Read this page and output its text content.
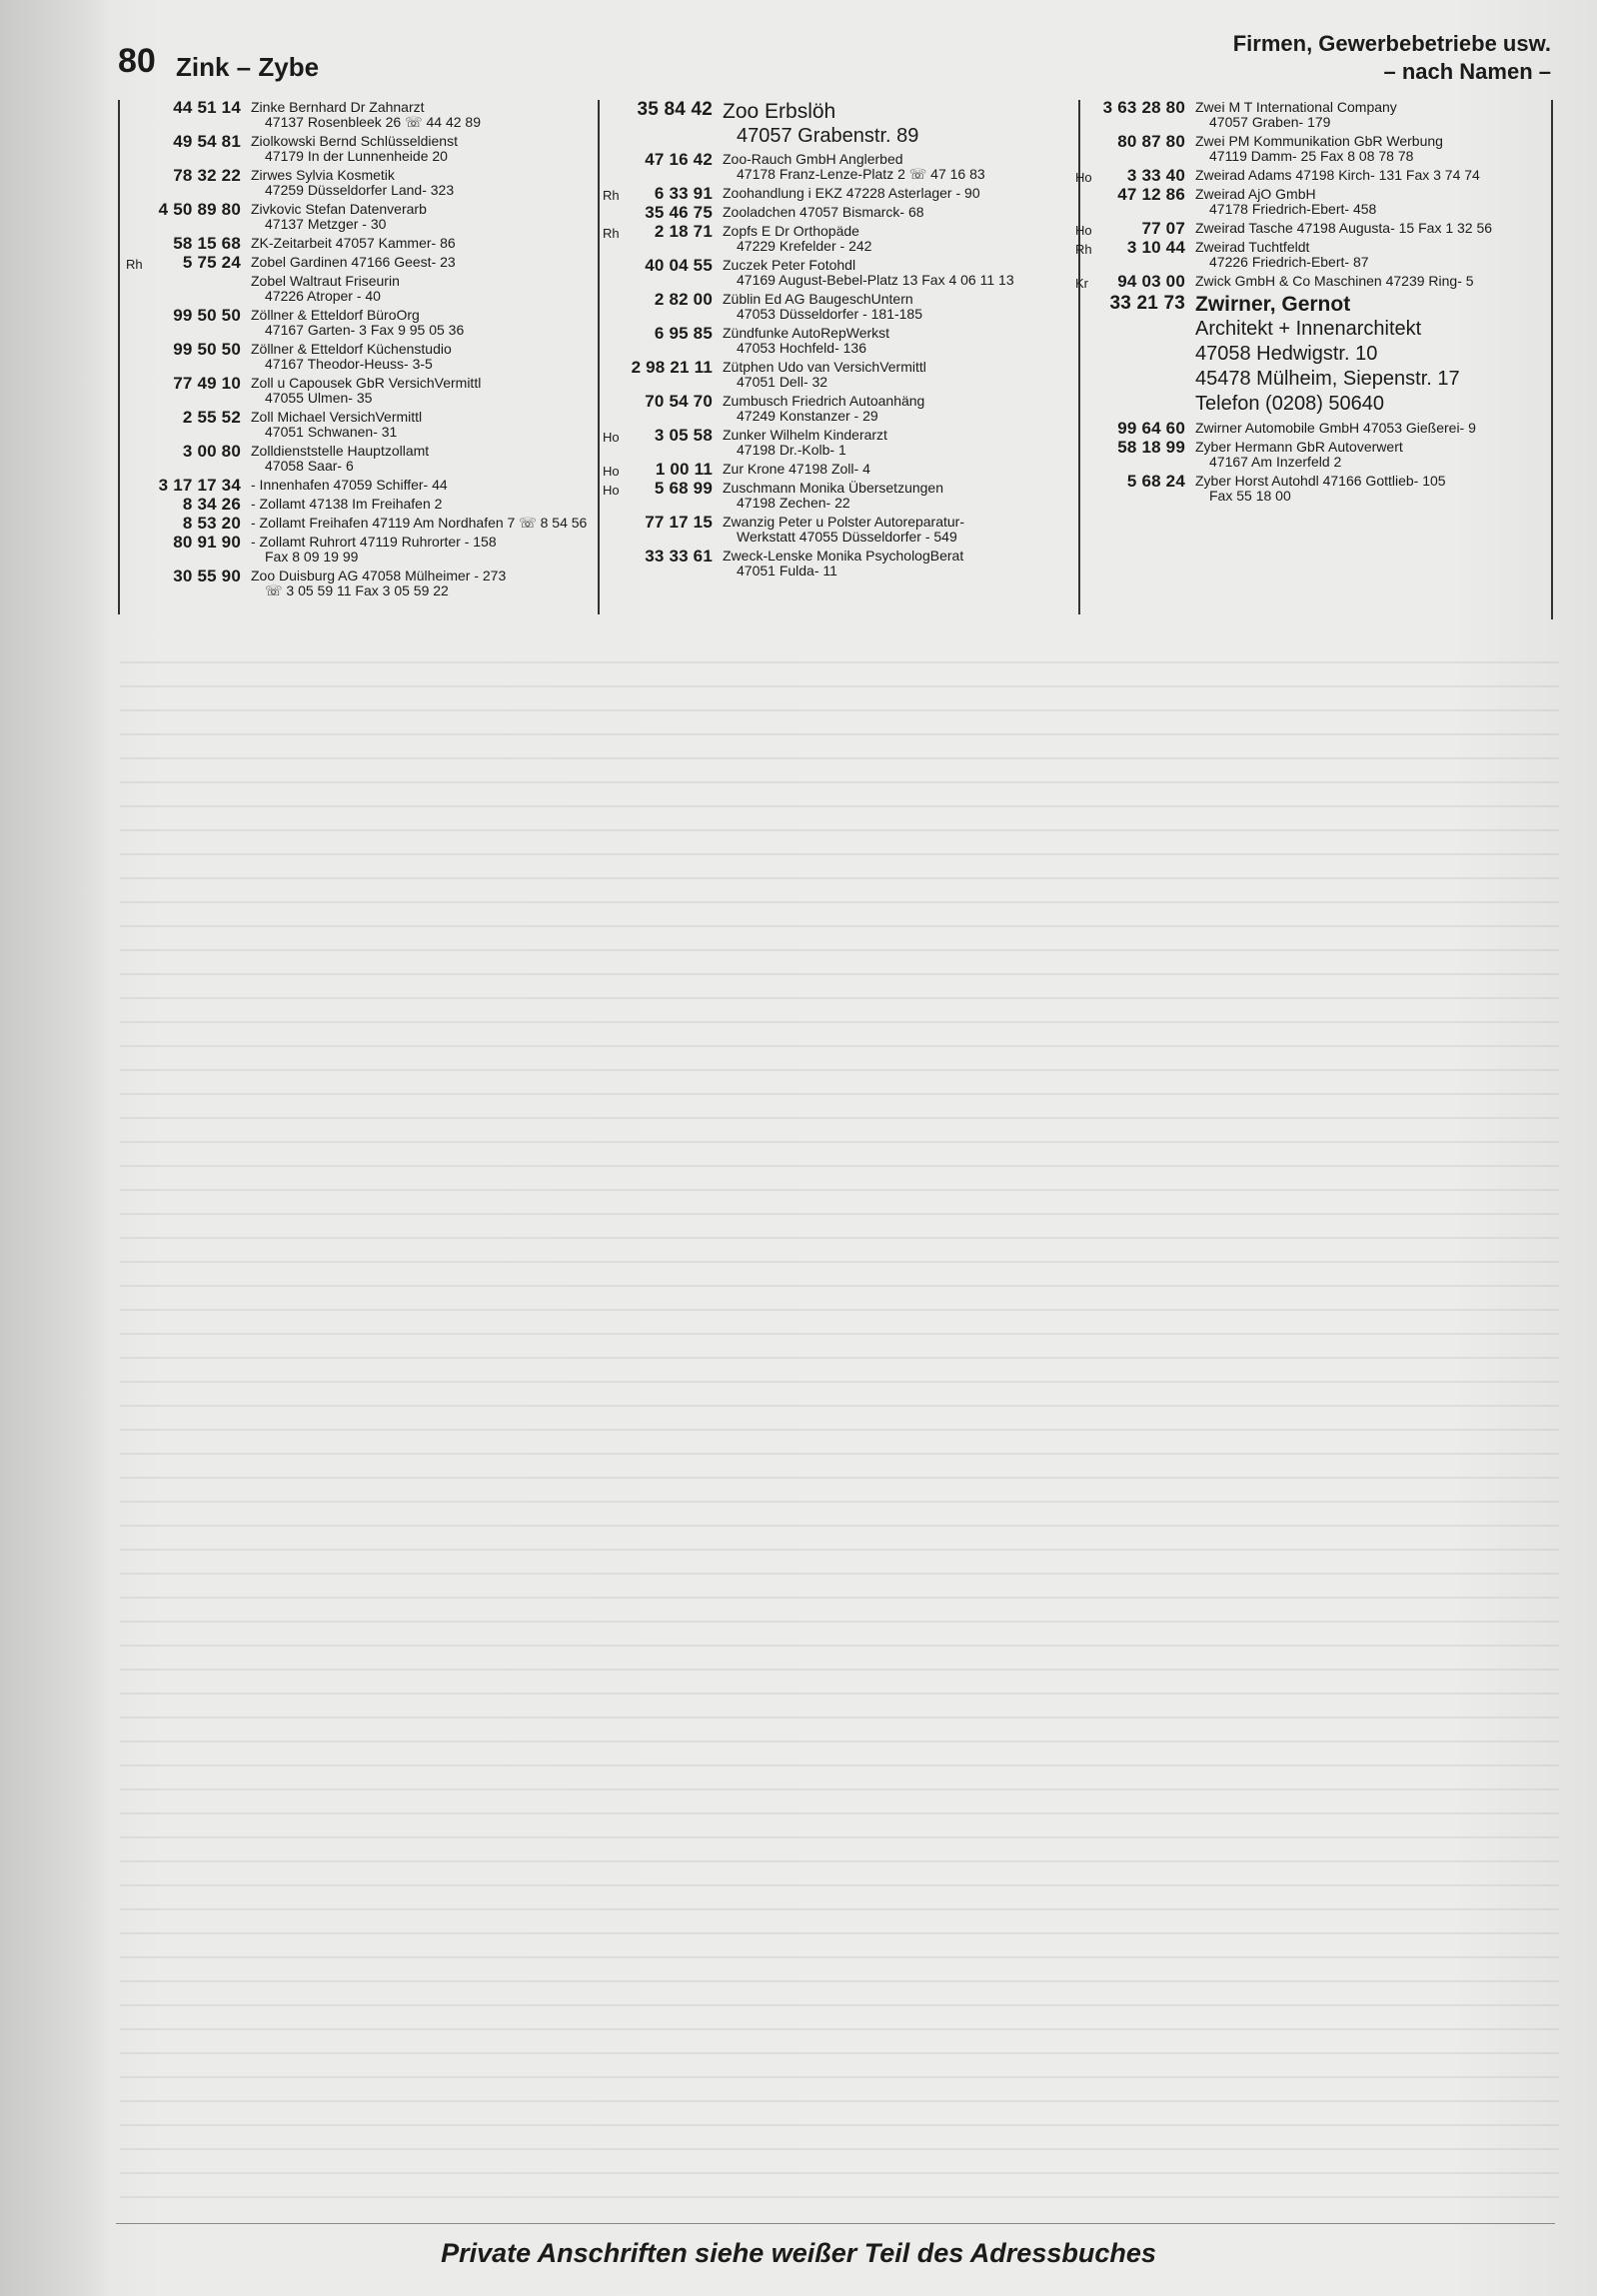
80 Zink – Zybe
Firmen, Gewerbebetriebe usw.
– nach Namen –
44 51 14 Zinke Bernhard Dr Zahnarzt
47137 Rosenbleek 26 ☏ 44 42 89
49 54 81 Ziolkowski Bernd Schlüsseldienst
47179 In der Lunnenheide 20
78 32 22 Zirwes Sylvia Kosmetik
47259 Düsseldorfer Land- 323
4 50 89 80 Zivkovic Stefan Datenverarb
47137 Metzger - 30
58 15 68 ZK-Zeitarbeit 47057 Kammer- 86
Rh 5 75 24 Zobel Gardinen 47166 Geest- 23
Zobel Waltraut Friseurin
47226 Atroper - 40
99 50 50 Zöllner & Etteldorf BüroOrg
47167 Garten- 3 Fax 9 95 05 36
99 50 50 Zöllner & Etteldorf Küchenstudio
47167 Theodor-Heuss- 3-5
77 49 10 Zoll u Capousek GbR VersichVermittl
47055 Ulmen- 35
2 55 52 Zoll Michael VersichVermittl
47051 Schwanen- 31
3 00 80 Zolldienststelle Hauptzollamt
47058 Saar- 6
3 17 17 34 - Innenhafen 47059 Schiffer- 44
8 34 26 - Zollamt 47138 Im Freihafen 2
8 53 20 - Zollamt Freihafen 47119 Am Nordhafen 7 ☏ 8 54 56
80 91 90 - Zollamt Ruhrort 47119 Ruhrorter - 158
Fax 8 09 19 99
30 55 90 Zoo Duisburg AG 47058 Mülheimer - 273
☏ 3 05 59 11 Fax 3 05 59 22
35 84 42 Zoo Erbslöh
47057 Grabenstr. 89
47 16 42 Zoo-Rauch GmbH Anglerbed
47178 Franz-Lenze-Platz 2 ☏ 47 16 83
Rh 6 33 91 Zoohandlung i EKZ 47228 Asterlager - 90
35 46 75 Zooladchen 47057 Bismarck- 68
Rh 2 18 71 Zopfs E Dr Orthopäde
47229 Krefelder - 242
40 04 55 Zuczek Peter Fotohdl
47169 August-Bebel-Platz 13 Fax 4 06 11 13
2 82 00 Züblin Ed AG BaugeschUntern
47053 Düsseldorfer - 181-185
6 95 85 Zündfunke AutoRepWerkst
47053 Hochfeld- 136
2 98 21 11 Zütphen Udo van VersichVermittl
47051 Dell- 32
70 54 70 Zumbusch Friedrich Autoanhäng
47249 Konstanzer - 29
Ho 3 05 58 Zunker Wilhelm Kinderarzt
47198 Dr.-Kolb- 1
Ho 1 00 11 Zur Krone 47198 Zoll- 4
Ho 5 68 99 Zuschmann Monika Übersetzungen
47198 Zechen- 22
77 17 15 Zwanzig Peter u Polster Autoreparatur-
Werkstatt 47055 Düsseldorfer - 549
33 33 61 Zweck-Lenske Monika PsychologBerat
47051 Fulda- 11
3 63 28 80 Zwei M T International Company
47057 Graben- 179
80 87 80 Zwei PM Kommunikation GbR Werbung
47119 Damm- 25 Fax 8 08 78 78
Ho 3 33 40 Zweirad Adams 47198 Kirch- 131 Fax 3 74 74
47 12 86 Zweirad AjO GmbH
47178 Friedrich-Ebert- 458
Ho	77 07 Zweirad Tasche 47198 Augusta- 15 Fax 1 32 56
Rh 3 10 44 Zweirad Tuchtfeldt
47226 Friedrich-Ebert- 87
Kr 94 03 00 Zwick GmbH & Co Maschinen 47239 Ring- 5
33 21 73 Zwirner, Gernot
Architekt + Innenarchitekt
47058 Hedwigstr. 10
45478 Mülheim, Siepenstr. 17
Telefon (0208) 50640
99 64 60 Zwirner Automobile GmbH 47053 Gießerei- 9
58 18 99 Zyber Hermann GbR Autoverwert
47167 Am Inzerfeld 2
5 68 24 Zyber Horst Autohdl 47166 Gottlieb- 105
Fax 55 18 00
Private Anschriften siehe weißer Teil des Adressbuches
